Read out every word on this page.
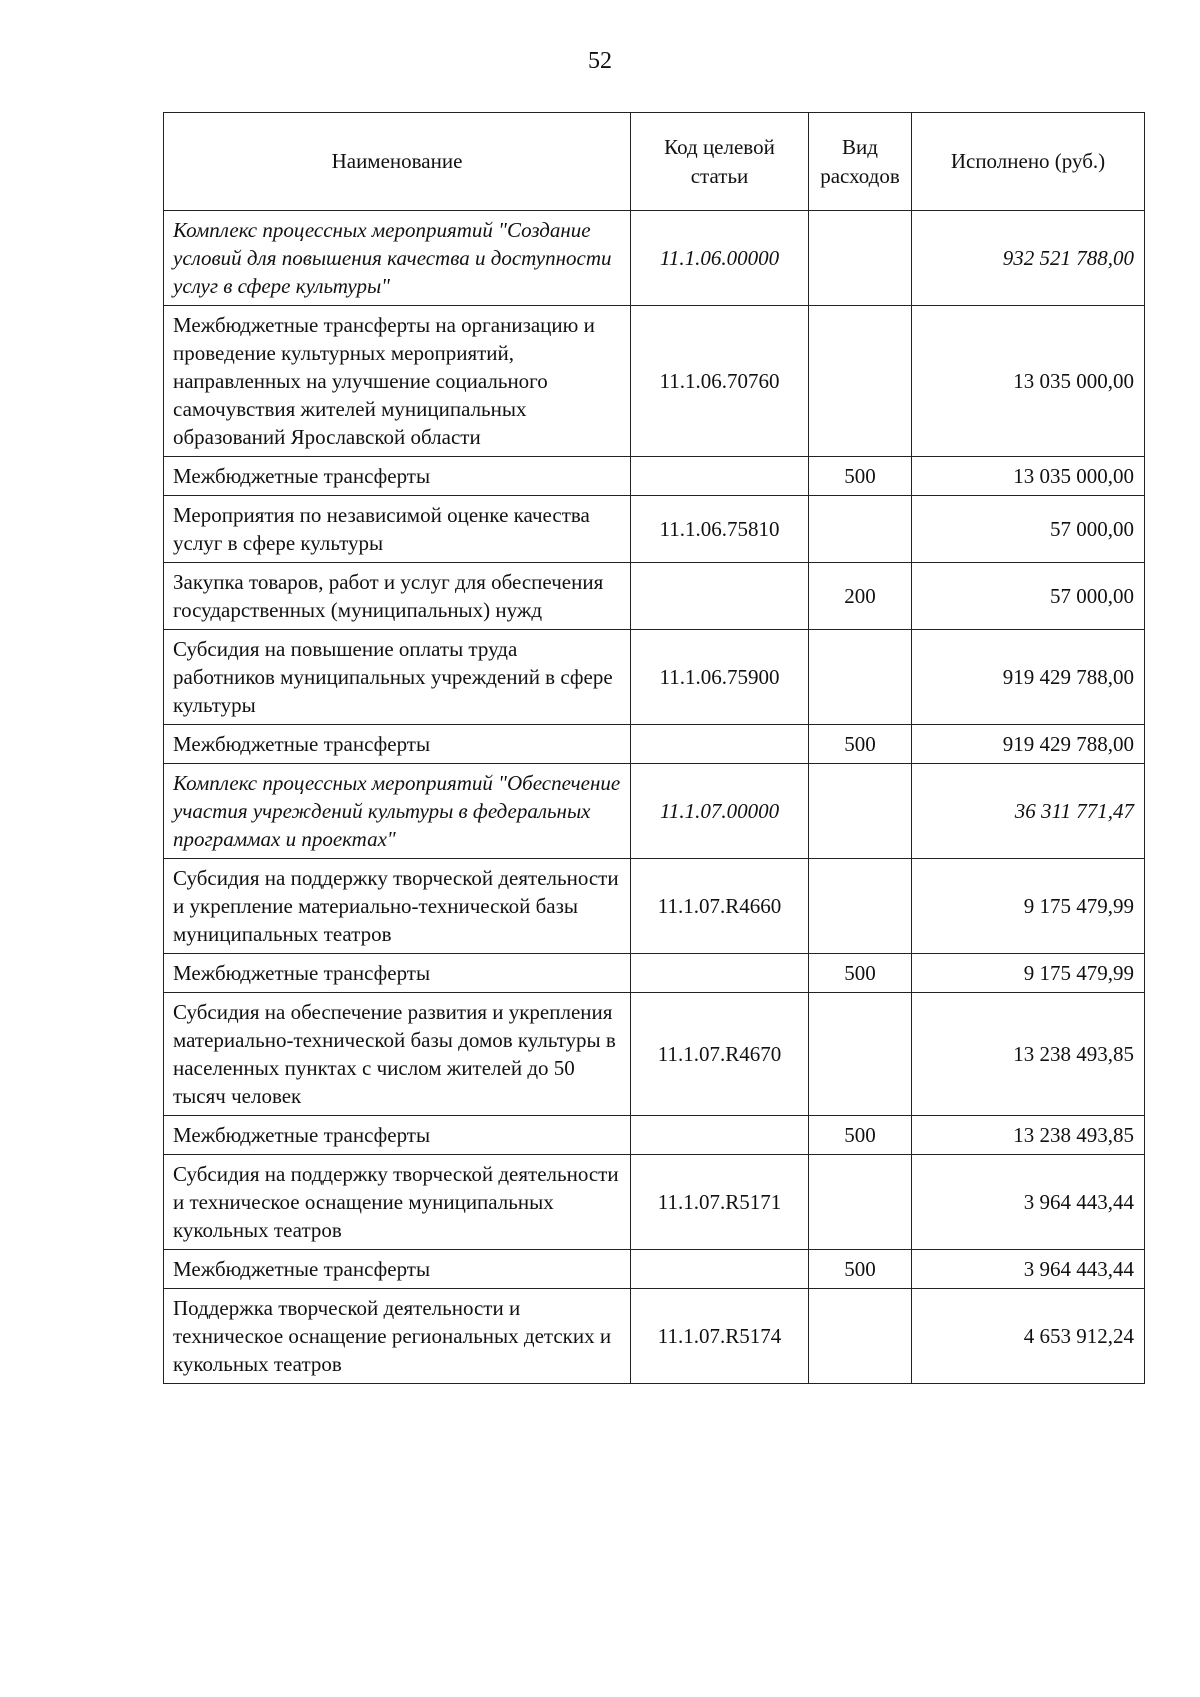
52
Наименование	Код целевой статьи	Вид расходов	Исполнено (руб.)
Комплекс процессных мероприятий "Создание условий для повышения качества и доступности услуг в сфере культуры"	11.1.06.00000		932 521 788,00
Межбюджетные трансферты на организацию и проведение культурных мероприятий, направленных на улучшение социального самочувствия жителей муниципальных образований Ярославской области	11.1.06.70760		13 035 000,00
Межбюджетные трансферты		500	13 035 000,00
Мероприятия по независимой оценке качества услуг в сфере культуры	11.1.06.75810		57 000,00
Закупка товаров, работ и услуг для обеспечения государственных (муниципальных) нужд		200	57 000,00
Субсидия на повышение оплаты труда работников муниципальных учреждений в сфере культуры	11.1.06.75900		919 429 788,00
Межбюджетные трансферты		500	919 429 788,00
Комплекс процессных мероприятий "Обеспечение участия учреждений культуры в федеральных программах и проектах"	11.1.07.00000		36 311 771,47
Субсидия на поддержку творческой деятельности и укрепление материально-технической базы муниципальных театров	11.1.07.R4660		9 175 479,99
Межбюджетные трансферты		500	9 175 479,99
Субсидия на обеспечение развития и укрепления материально-технической базы домов культуры в населенных пунктах с числом жителей до 50 тысяч человек	11.1.07.R4670		13 238 493,85
Межбюджетные трансферты		500	13 238 493,85
Субсидия на поддержку творческой деятельности и техническое оснащение муниципальных кукольных театров	11.1.07.R5171		3 964 443,44
Межбюджетные трансферты		500	3 964 443,44
Поддержка творческой деятельности и техническое оснащение региональных детских и кукольных театров	11.1.07.R5174		4 653 912,24
